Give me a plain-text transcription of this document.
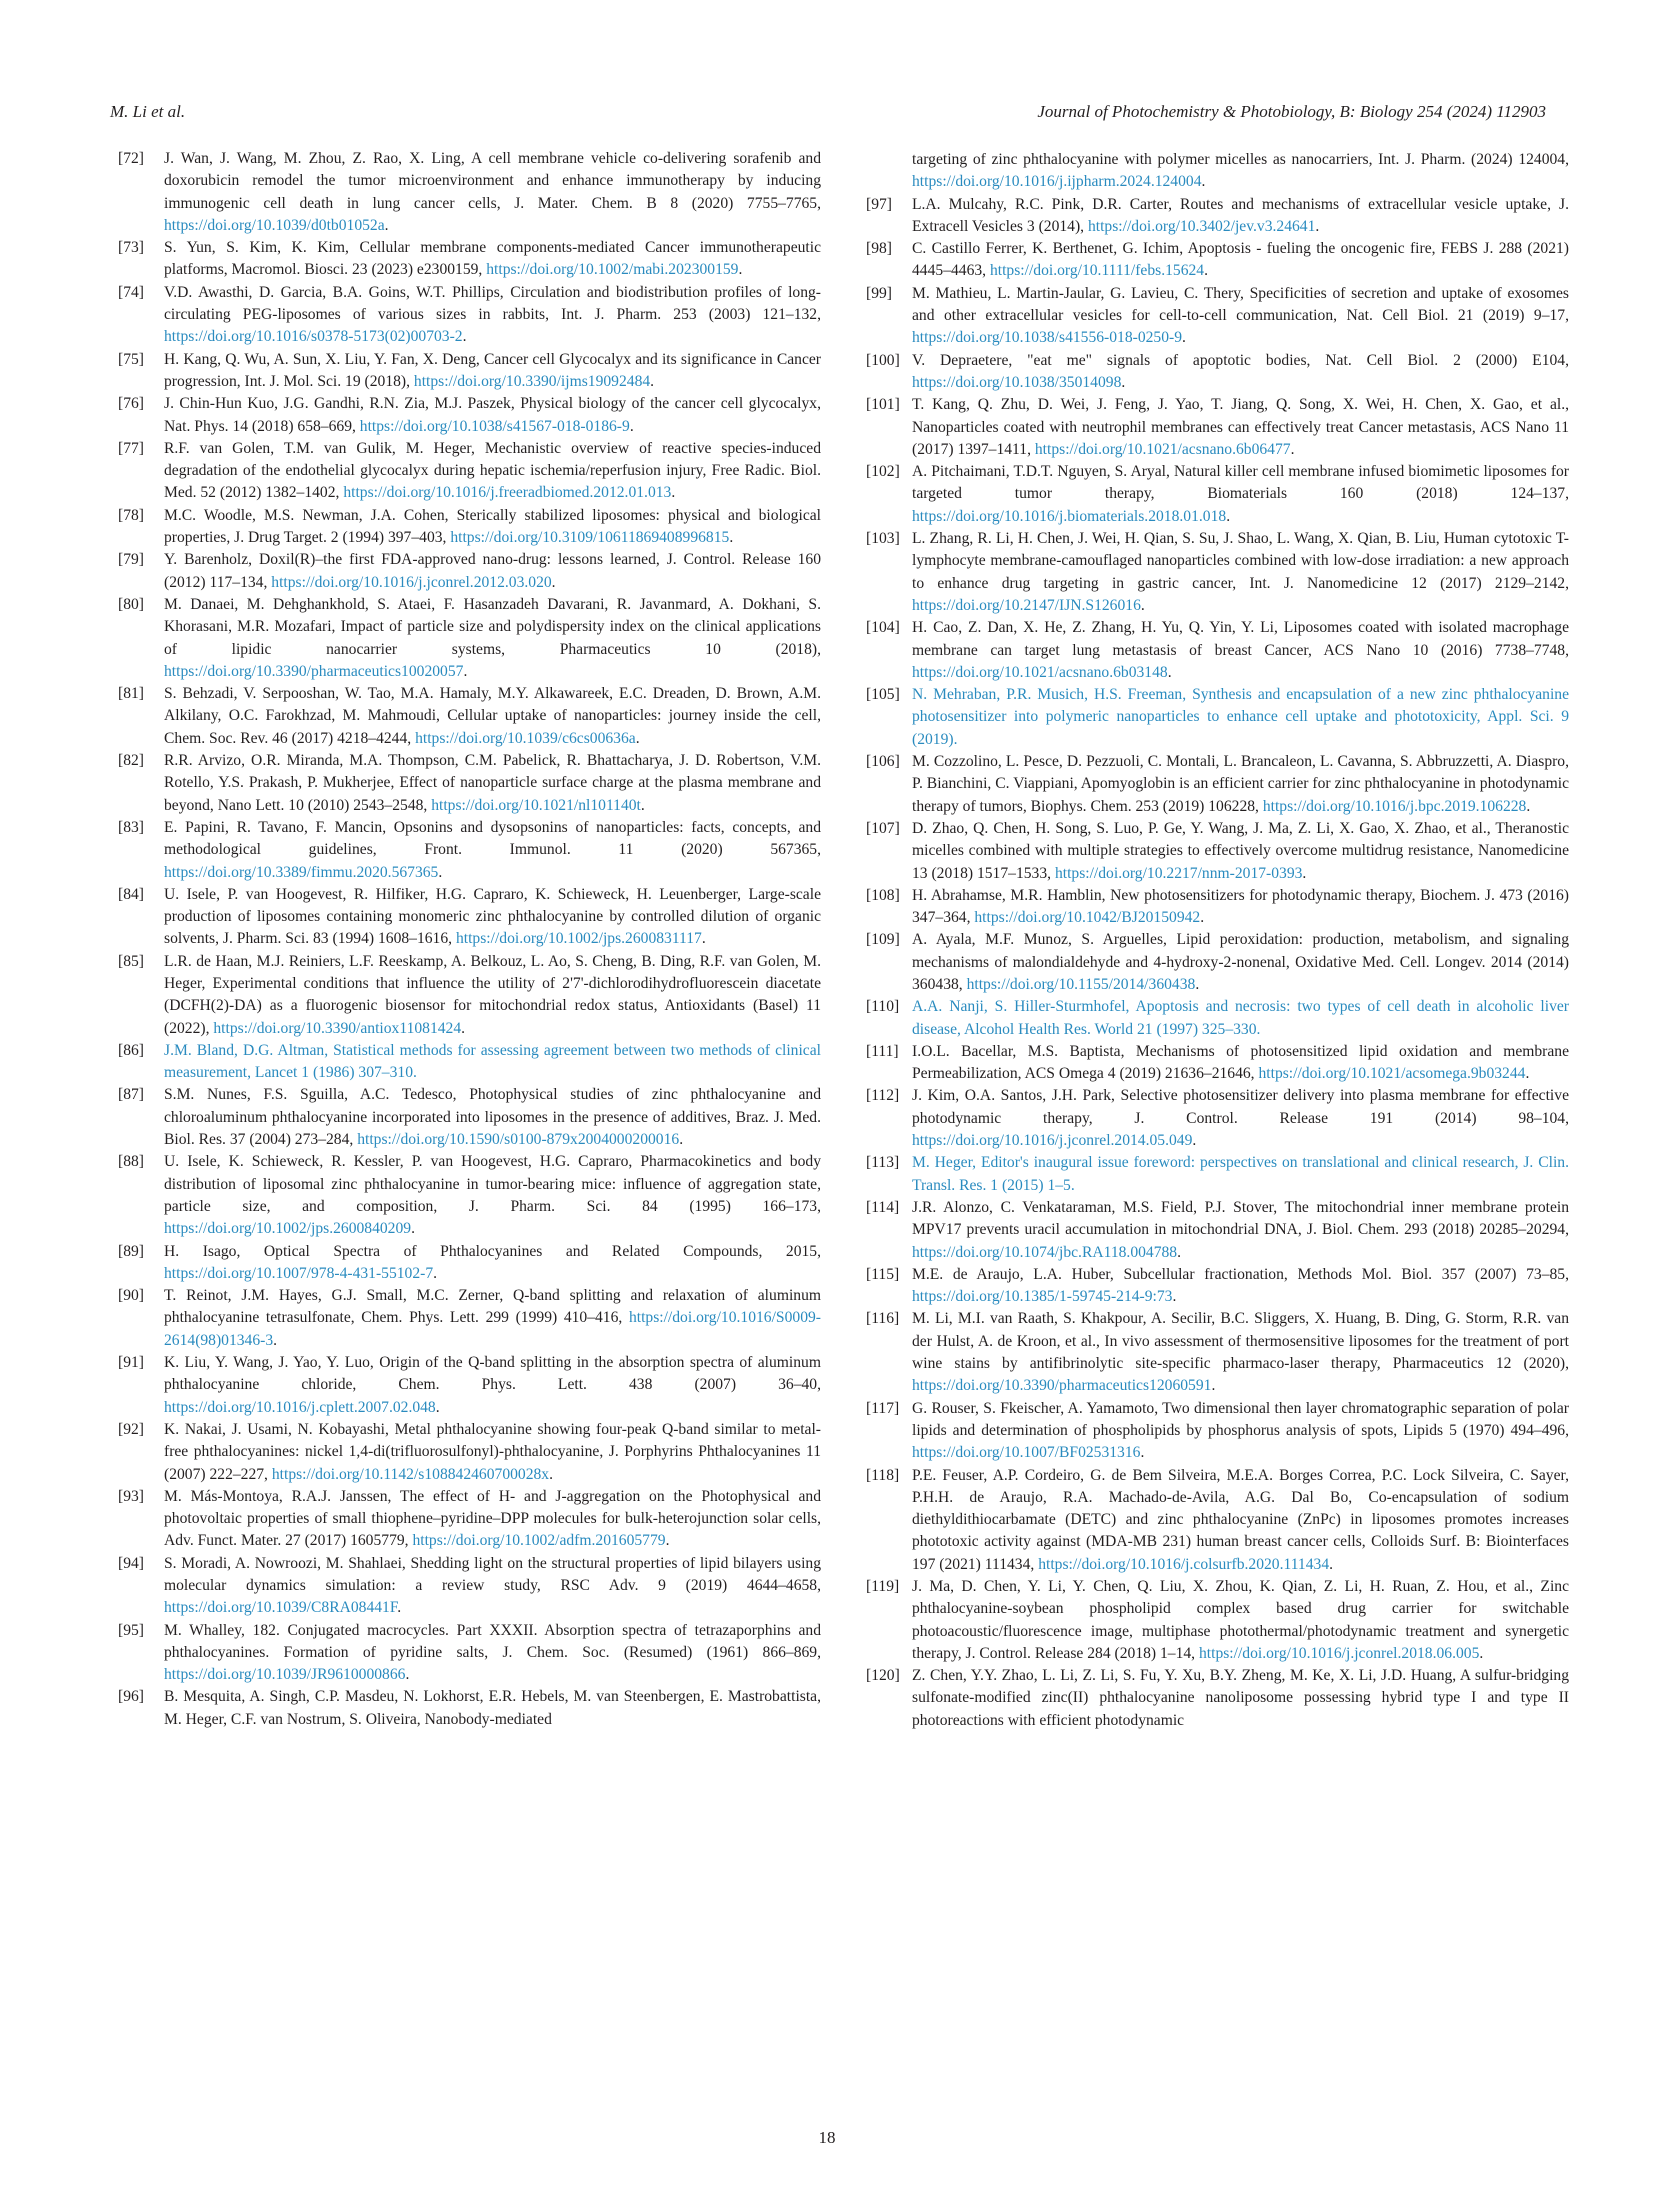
M. Li et al.	Journal of Photochemistry & Photobiology, B: Biology 254 (2024) 112903
[72] J. Wan, J. Wang, M. Zhou, Z. Rao, X. Ling, A cell membrane vehicle co-delivering sorafenib and doxorubicin remodel the tumor microenvironment and enhance immunotherapy by inducing immunogenic cell death in lung cancer cells, J. Mater. Chem. B 8 (2020) 7755–7765, https://doi.org/10.1039/d0tb01052a.
[73] S. Yun, S. Kim, K. Kim, Cellular membrane components-mediated Cancer immunotherapeutic platforms, Macromol. Biosci. 23 (2023) e2300159, https://doi.org/10.1002/mabi.202300159.
[74] V.D. Awasthi, D. Garcia, B.A. Goins, W.T. Phillips, Circulation and biodistribution profiles of long-circulating PEG-liposomes of various sizes in rabbits, Int. J. Pharm. 253 (2003) 121–132, https://doi.org/10.1016/s0378-5173(02)00703-2.
[75] H. Kang, Q. Wu, A. Sun, X. Liu, Y. Fan, X. Deng, Cancer cell Glycocalyx and its significance in Cancer progression, Int. J. Mol. Sci. 19 (2018), https://doi.org/10.3390/ijms19092484.
[76] J. Chin-Hun Kuo, J.G. Gandhi, R.N. Zia, M.J. Paszek, Physical biology of the cancer cell glycocalyx, Nat. Phys. 14 (2018) 658–669, https://doi.org/10.1038/s41567-018-0186-9.
[77] R.F. van Golen, T.M. van Gulik, M. Heger, Mechanistic overview of reactive species-induced degradation of the endothelial glycocalyx during hepatic ischemia/reperfusion injury, Free Radic. Biol. Med. 52 (2012) 1382–1402, https://doi.org/10.1016/j.freeradbiomed.2012.01.013.
[78] M.C. Woodle, M.S. Newman, J.A. Cohen, Sterically stabilized liposomes: physical and biological properties, J. Drug Target. 2 (1994) 397–403, https://doi.org/10.3109/10611869408996815.
[79] Y. Barenholz, Doxil(R)–the first FDA-approved nano-drug: lessons learned, J. Control. Release 160 (2012) 117–134, https://doi.org/10.1016/j.jconrel.2012.03.020.
[80] M. Danaei, M. Dehghankhold, S. Ataei, F. Hasanzadeh Davarani, R. Javanmard, A. Dokhani, S. Khorasani, M.R. Mozafari, Impact of particle size and polydispersity index on the clinical applications of lipidic nanocarrier systems, Pharmaceutics 10 (2018), https://doi.org/10.3390/pharmaceutics10020057.
[81] S. Behzadi, V. Serpooshan, W. Tao, M.A. Hamaly, M.Y. Alkawareek, E.C. Dreaden, D. Brown, A.M. Alkilany, O.C. Farokhzad, M. Mahmoudi, Cellular uptake of nanoparticles: journey inside the cell, Chem. Soc. Rev. 46 (2017) 4218–4244, https://doi.org/10.1039/c6cs00636a.
[82] R.R. Arvizo, O.R. Miranda, M.A. Thompson, C.M. Pabelick, R. Bhattacharya, J. D. Robertson, V.M. Rotello, Y.S. Prakash, P. Mukherjee, Effect of nanoparticle surface charge at the plasma membrane and beyond, Nano Lett. 10 (2010) 2543–2548, https://doi.org/10.1021/nl101140t.
[83] E. Papini, R. Tavano, F. Mancin, Opsonins and dysopsonins of nanoparticles: facts, concepts, and methodological guidelines, Front. Immunol. 11 (2020) 567365, https://doi.org/10.3389/fimmu.2020.567365.
[84] U. Isele, P. van Hoogevest, R. Hilfiker, H.G. Capraro, K. Schieweck, H. Leuenberger, Large-scale production of liposomes containing monomeric zinc phthalocyanine by controlled dilution of organic solvents, J. Pharm. Sci. 83 (1994) 1608–1616, https://doi.org/10.1002/jps.2600831117.
[85] L.R. de Haan, M.J. Reiniers, L.F. Reeskamp, A. Belkouz, L. Ao, S. Cheng, B. Ding, R.F. van Golen, M. Heger, Experimental conditions that influence the utility of 2'7'-dichlorodihydrofluorescein diacetate (DCFH(2)-DA) as a fluorogenic biosensor for mitochondrial redox status, Antioxidants (Basel) 11 (2022), https://doi.org/10.3390/antiox11081424.
[86] J.M. Bland, D.G. Altman, Statistical methods for assessing agreement between two methods of clinical measurement, Lancet 1 (1986) 307–310.
[87] S.M. Nunes, F.S. Sguilla, A.C. Tedesco, Photophysical studies of zinc phthalocyanine and chloroaluminum phthalocyanine incorporated into liposomes in the presence of additives, Braz. J. Med. Biol. Res. 37 (2004) 273–284, https://doi.org/10.1590/s0100-879x2004000200016.
[88] U. Isele, K. Schieweck, R. Kessler, P. van Hoogevest, H.G. Capraro, Pharmacokinetics and body distribution of liposomal zinc phthalocyanine in tumor-bearing mice: influence of aggregation state, particle size, and composition, J. Pharm. Sci. 84 (1995) 166–173, https://doi.org/10.1002/jps.2600840209.
[89] H. Isago, Optical Spectra of Phthalocyanines and Related Compounds, 2015, https://doi.org/10.1007/978-4-431-55102-7.
[90] T. Reinot, J.M. Hayes, G.J. Small, M.C. Zerner, Q-band splitting and relaxation of aluminum phthalocyanine tetrasulfonate, Chem. Phys. Lett. 299 (1999) 410–416, https://doi.org/10.1016/S0009-2614(98)01346-3.
[91] K. Liu, Y. Wang, J. Yao, Y. Luo, Origin of the Q-band splitting in the absorption spectra of aluminum phthalocyanine chloride, Chem. Phys. Lett. 438 (2007) 36–40, https://doi.org/10.1016/j.cplett.2007.02.048.
[92] K. Nakai, J. Usami, N. Kobayashi, Metal phthalocyanine showing four-peak Q-band similar to metal-free phthalocyanines: nickel 1,4-di(trifluorosulfonyl)-phthalocyanine, J. Porphyrins Phthalocyanines 11 (2007) 222–227, https://doi.org/10.1142/s108842460700028x.
[93] M. Más-Montoya, R.A.J. Janssen, The effect of H- and J-aggregation on the Photophysical and photovoltaic properties of small thiophene–pyridine–DPP molecules for bulk-heterojunction solar cells, Adv. Funct. Mater. 27 (2017) 1605779, https://doi.org/10.1002/adfm.201605779.
[94] S. Moradi, A. Nowroozi, M. Shahlaei, Shedding light on the structural properties of lipid bilayers using molecular dynamics simulation: a review study, RSC Adv. 9 (2019) 4644–4658, https://doi.org/10.1039/C8RA08441F.
[95] M. Whalley, 182. Conjugated macrocycles. Part XXXII. Absorption spectra of tetrazaporphins and phthalocyanines. Formation of pyridine salts, J. Chem. Soc. (Resumed) (1961) 866–869, https://doi.org/10.1039/JR9610000866.
[96] B. Mesquita, A. Singh, C.P. Masdeu, N. Lokhorst, E.R. Hebels, M. van Steenbergen, E. Mastrobattista, M. Heger, C.F. van Nostrum, S. Oliveira, Nanobody-mediated
targeting of zinc phthalocyanine with polymer micelles as nanocarriers, Int. J. Pharm. (2024) 124004, https://doi.org/10.1016/j.ijpharm.2024.124004.
[97] L.A. Mulcahy, R.C. Pink, D.R. Carter, Routes and mechanisms of extracellular vesicle uptake, J. Extracell Vesicles 3 (2014), https://doi.org/10.3402/jev.v3.24641.
[98] C. Castillo Ferrer, K. Berthenet, G. Ichim, Apoptosis - fueling the oncogenic fire, FEBS J. 288 (2021) 4445–4463, https://doi.org/10.1111/febs.15624.
[99] M. Mathieu, L. Martin-Jaular, G. Lavieu, C. Thery, Specificities of secretion and uptake of exosomes and other extracellular vesicles for cell-to-cell communication, Nat. Cell Biol. 21 (2019) 9–17, https://doi.org/10.1038/s41556-018-0250-9.
[100] V. Depraetere, "eat me" signals of apoptotic bodies, Nat. Cell Biol. 2 (2000) E104, https://doi.org/10.1038/35014098.
[101] T. Kang, Q. Zhu, D. Wei, J. Feng, J. Yao, T. Jiang, Q. Song, X. Wei, H. Chen, X. Gao, et al., Nanoparticles coated with neutrophil membranes can effectively treat Cancer metastasis, ACS Nano 11 (2017) 1397–1411, https://doi.org/10.1021/acsnano.6b06477.
[102] A. Pitchaimani, T.D.T. Nguyen, S. Aryal, Natural killer cell membrane infused biomimetic liposomes for targeted tumor therapy, Biomaterials 160 (2018) 124–137, https://doi.org/10.1016/j.biomaterials.2018.01.018.
[103] L. Zhang, R. Li, H. Chen, J. Wei, H. Qian, S. Su, J. Shao, L. Wang, X. Qian, B. Liu, Human cytotoxic T-lymphocyte membrane-camouflaged nanoparticles combined with low-dose irradiation: a new approach to enhance drug targeting in gastric cancer, Int. J. Nanomedicine 12 (2017) 2129–2142, https://doi.org/10.2147/IJN.S126016.
[104] H. Cao, Z. Dan, X. He, Z. Zhang, H. Yu, Q. Yin, Y. Li, Liposomes coated with isolated macrophage membrane can target lung metastasis of breast Cancer, ACS Nano 10 (2016) 7738–7748, https://doi.org/10.1021/acsnano.6b03148.
[105] N. Mehraban, P.R. Musich, H.S. Freeman, Synthesis and encapsulation of a new zinc phthalocyanine photosensitizer into polymeric nanoparticles to enhance cell uptake and phototoxicity, Appl. Sci. 9 (2019).
[106] M. Cozzolino, L. Pesce, D. Pezzuoli, C. Montali, L. Brancaleon, L. Cavanna, S. Abbruzzetti, A. Diaspro, P. Bianchini, C. Viappiani, Apomyoglobin is an efficient carrier for zinc phthalocyanine in photodynamic therapy of tumors, Biophys. Chem. 253 (2019) 106228, https://doi.org/10.1016/j.bpc.2019.106228.
[107] D. Zhao, Q. Chen, H. Song, S. Luo, P. Ge, Y. Wang, J. Ma, Z. Li, X. Gao, X. Zhao, et al., Theranostic micelles combined with multiple strategies to effectively overcome multidrug resistance, Nanomedicine 13 (2018) 1517–1533, https://doi.org/10.2217/nnm-2017-0393.
[108] H. Abrahamse, M.R. Hamblin, New photosensitizers for photodynamic therapy, Biochem. J. 473 (2016) 347–364, https://doi.org/10.1042/BJ20150942.
[109] A. Ayala, M.F. Munoz, S. Arguelles, Lipid peroxidation: production, metabolism, and signaling mechanisms of malondialdehyde and 4-hydroxy-2-nonenal, Oxidative Med. Cell. Longev. 2014 (2014) 360438, https://doi.org/10.1155/2014/360438.
[110] A.A. Nanji, S. Hiller-Sturmhofel, Apoptosis and necrosis: two types of cell death in alcoholic liver disease, Alcohol Health Res. World 21 (1997) 325–330.
[111] I.O.L. Bacellar, M.S. Baptista, Mechanisms of photosensitized lipid oxidation and membrane Permeabilization, ACS Omega 4 (2019) 21636–21646, https://doi.org/10.1021/acsomega.9b03244.
[112] J. Kim, O.A. Santos, J.H. Park, Selective photosensitizer delivery into plasma membrane for effective photodynamic therapy, J. Control. Release 191 (2014) 98–104, https://doi.org/10.1016/j.jconrel.2014.05.049.
[113] M. Heger, Editor's inaugural issue foreword: perspectives on translational and clinical research, J. Clin. Transl. Res. 1 (2015) 1–5.
[114] J.R. Alonzo, C. Venkataraman, M.S. Field, P.J. Stover, The mitochondrial inner membrane protein MPV17 prevents uracil accumulation in mitochondrial DNA, J. Biol. Chem. 293 (2018) 20285–20294, https://doi.org/10.1074/jbc.RA118.004788.
[115] M.E. de Araujo, L.A. Huber, Subcellular fractionation, Methods Mol. Biol. 357 (2007) 73–85, https://doi.org/10.1385/1-59745-214-9:73.
[116] M. Li, M.I. van Raath, S. Khakpour, A. Secilir, B.C. Sliggers, X. Huang, B. Ding, G. Storm, R.R. van der Hulst, A. de Kroon, et al., In vivo assessment of thermosensitive liposomes for the treatment of port wine stains by antifibrinolytic site-specific pharmaco-laser therapy, Pharmaceutics 12 (2020), https://doi.org/10.3390/pharmaceutics12060591.
[117] G. Rouser, S. Fkeischer, A. Yamamoto, Two dimensional then layer chromatographic separation of polar lipids and determination of phospholipids by phosphorus analysis of spots, Lipids 5 (1970) 494–496, https://doi.org/10.1007/BF02531316.
[118] P.E. Feuser, A.P. Cordeiro, G. de Bem Silveira, M.E.A. Borges Correa, P.C. Lock Silveira, C. Sayer, P.H.H. de Araujo, R.A. Machado-de-Avila, A.G. Dal Bo, Co-encapsulation of sodium diethyldithiocarbamate (DETC) and zinc phthalocyanine (ZnPc) in liposomes promotes increases phototoxic activity against (MDA-MB 231) human breast cancer cells, Colloids Surf. B: Biointerfaces 197 (2021) 111434, https://doi.org/10.1016/j.colsurfb.2020.111434.
[119] J. Ma, D. Chen, Y. Li, Y. Chen, Q. Liu, X. Zhou, K. Qian, Z. Li, H. Ruan, Z. Hou, et al., Zinc phthalocyanine-soybean phospholipid complex based drug carrier for switchable photoacoustic/fluorescence image, multiphase photothermal/photodynamic treatment and synergetic therapy, J. Control. Release 284 (2018) 1–14, https://doi.org/10.1016/j.jconrel.2018.06.005.
[120] Z. Chen, Y.Y. Zhao, L. Li, Z. Li, S. Fu, Y. Xu, B.Y. Zheng, M. Ke, X. Li, J.D. Huang, A sulfur-bridging sulfonate-modified zinc(II) phthalocyanine nanoliposome possessing hybrid type I and type II photoreactions with efficient photodynamic
18
